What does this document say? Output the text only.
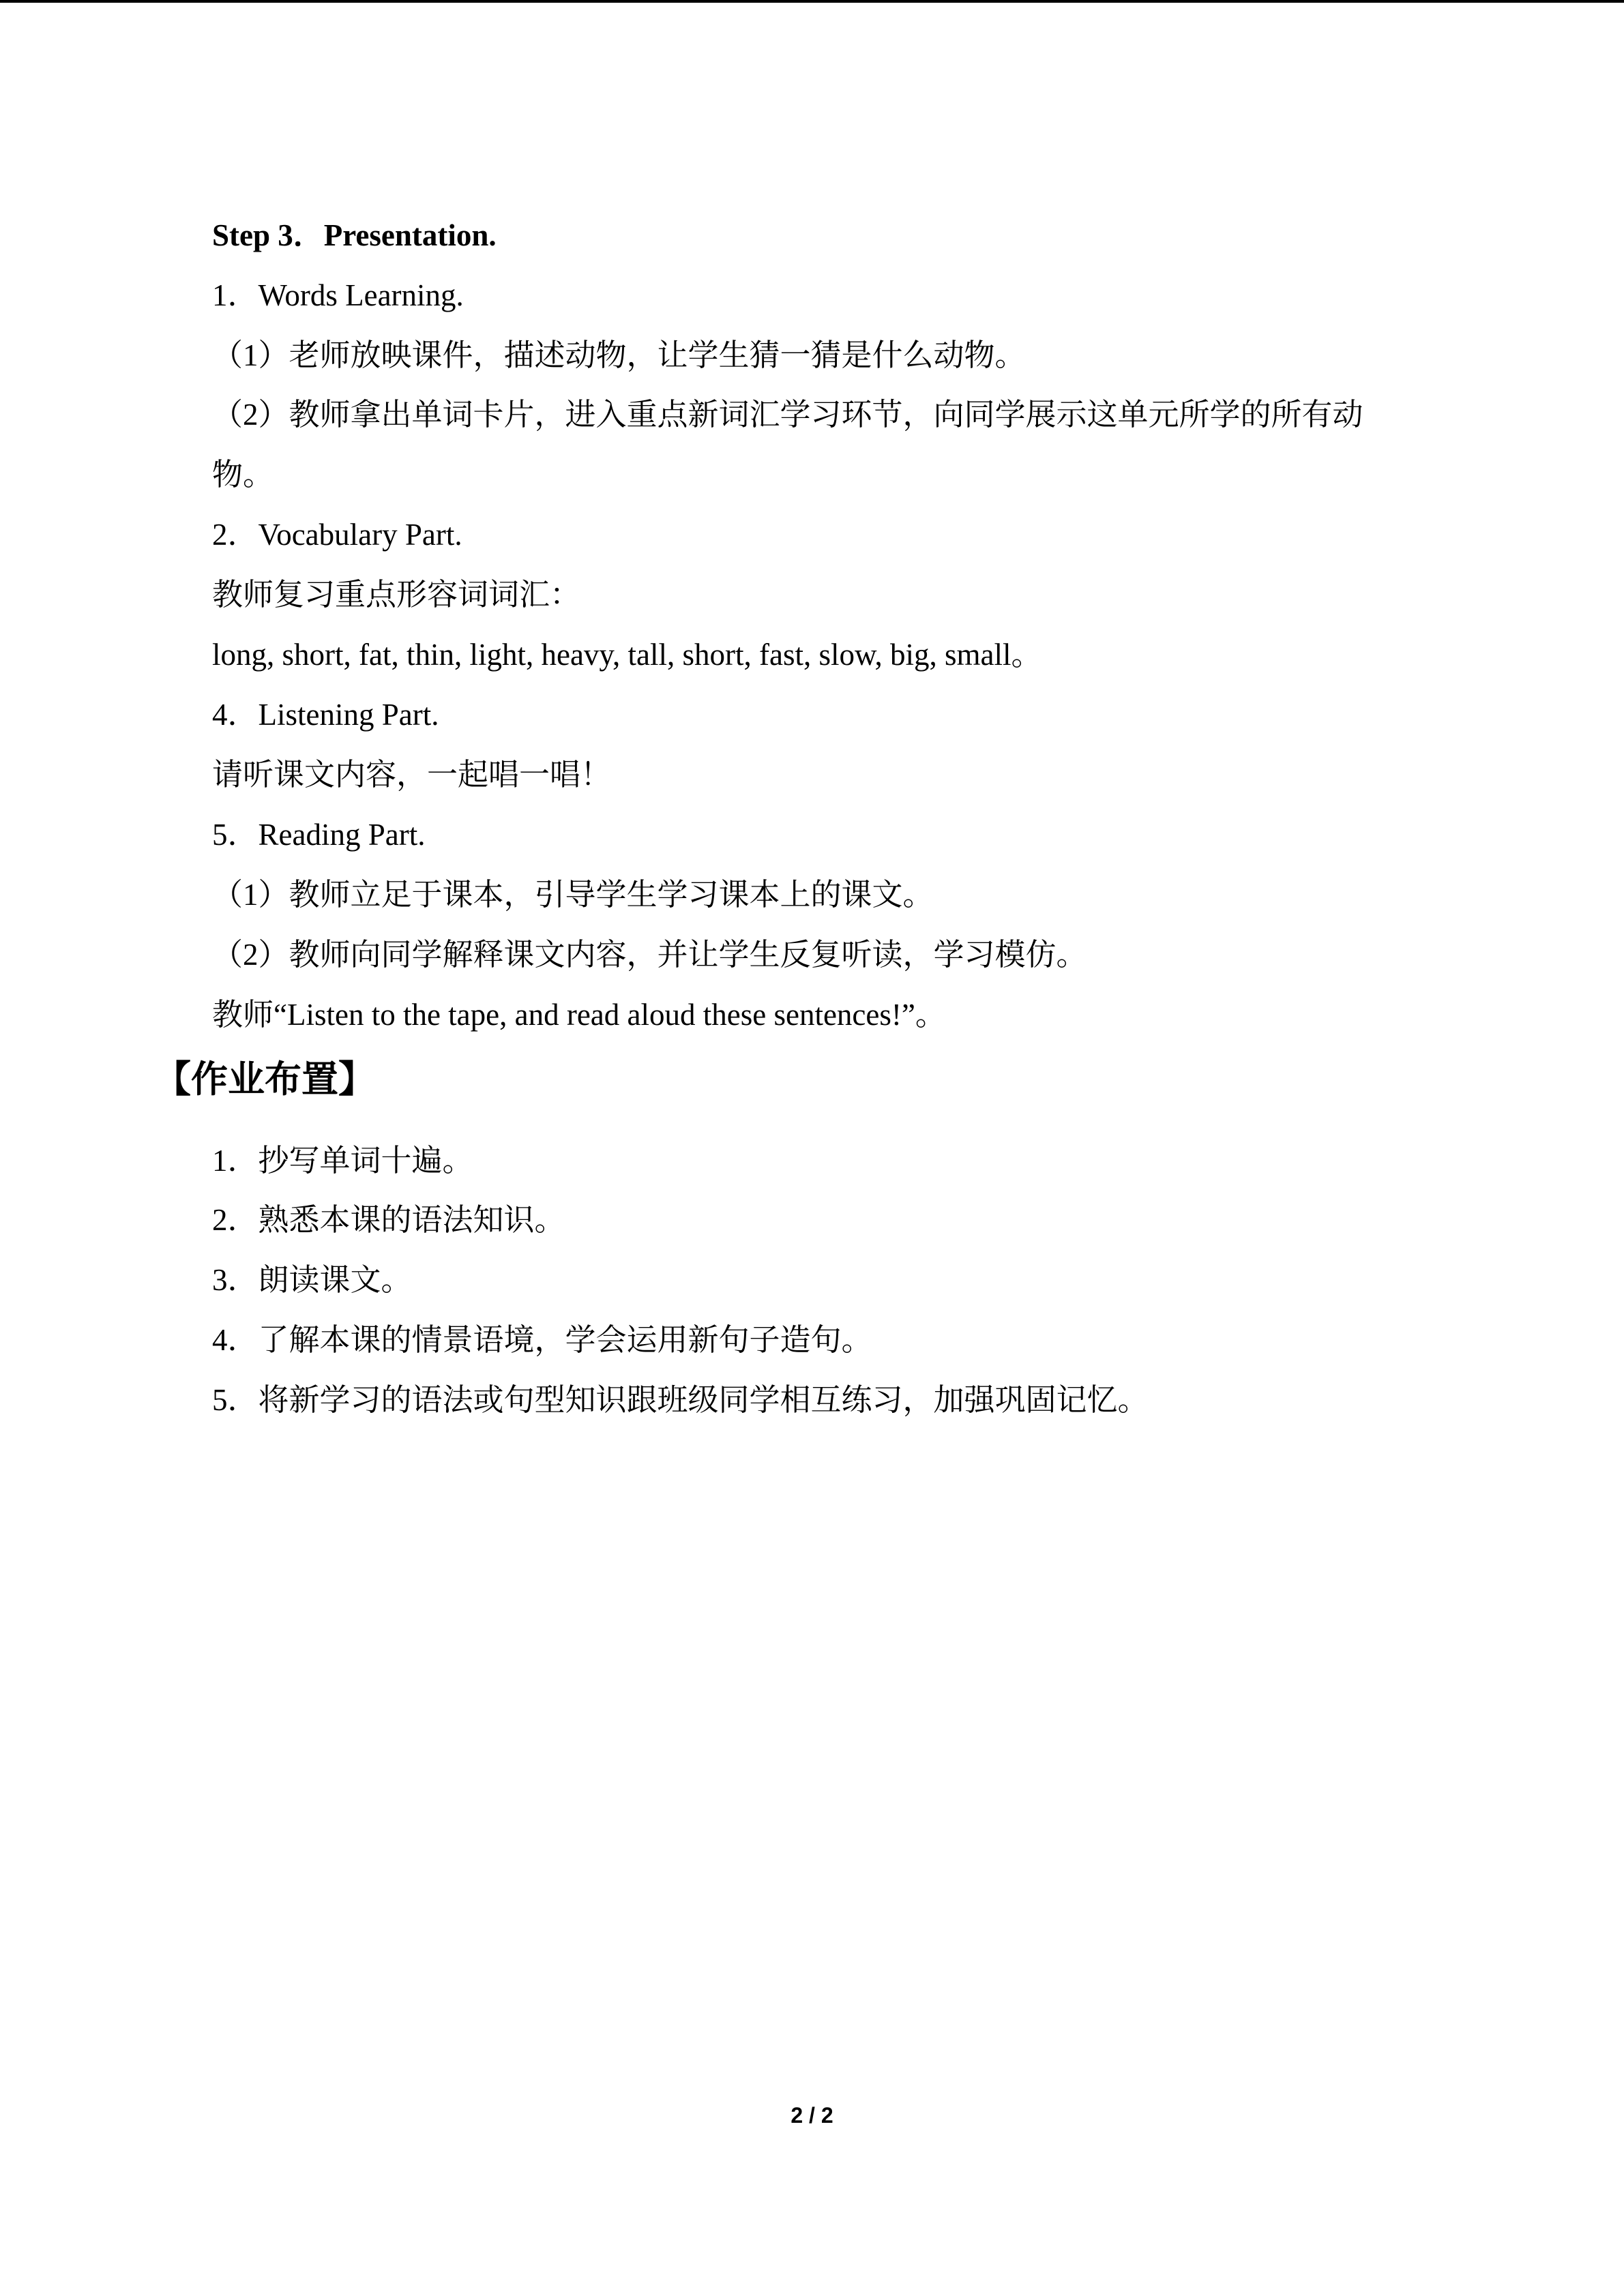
Step 3．Presentation.
1．Words Learning.
（1）老师放映课件，描述动物，让学生猜一猜是什么动物。
（2）教师拿出单词卡片，进入重点新词汇学习环节，向同学展示这单元所学的所有动
物。
2．Vocabulary Part.
教师复习重点形容词词汇：
long, short, fat, thin, light, heavy, tall, short, fast, slow, big, small。
4．Listening Part.
请听课文内容，一起唱一唱！
5．Reading Part.
（1）教师立足于课本，引导学生学习课本上的课文。
（2）教师向同学解释课文内容，并让学生反复听读，学习模仿。
教师“Listen to the tape, and read aloud these sentences!”。
【作业布置】
1．抄写单词十遍。
2．熟悉本课的语法知识。
3．朗读课文。
4．了解本课的情景语境，学会运用新句子造句。
5．将新学习的语法或句型知识跟班级同学相互练习，加强巩固记忆。
2 / 2
